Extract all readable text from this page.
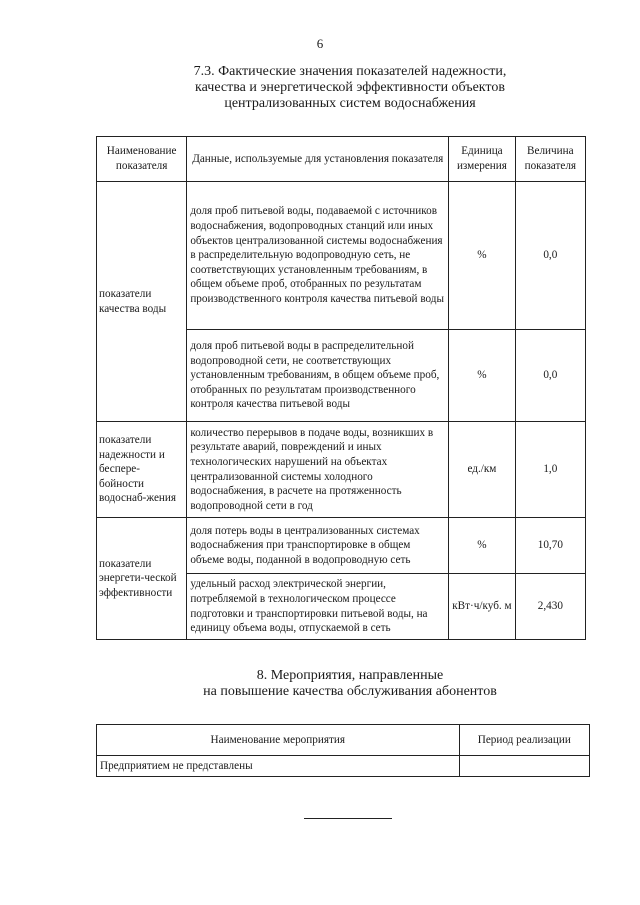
6
7.3. Фактические значения показателей надежности,
качества и энергетической эффективности объектов
централизованных систем водоснабжения
Наименование показателя	Данные, используемые для установления показателя	Единица измерения	Величина показателя
показатели качества воды	доля проб питьевой воды, подаваемой с источников водоснабжения, водопроводных станций или иных объектов централизованной системы водоснабжения в распределительную водопроводную сеть, не соответствующих установленным требованиям, в общем объеме проб, отобранных по результатам производственного контроля качества питьевой воды	%	0,0
	доля проб питьевой воды в распределительной водопроводной сети, не соответствующих установленным требованиям, в общем объеме проб, отобранных по результатам производственного контроля качества питьевой воды	%	0,0
показатели надежности и беспере-бойности водоснаб-жения	количество перерывов в подаче воды, возникших в результате аварий, повреждений и иных технологических нарушений на объектах централизованной системы холодного водоснабжения, в расчете на протяженность водопроводной сети в год	ед./км	1,0
показатели энергети-ческой эффективности	доля потерь воды в централизованных системах водоснабжения при транспортировке в общем объеме воды, поданной в водопроводную сеть	%	10,70
	удельный расход электрической энергии, потребляемой в технологическом процессе подготовки и транспортировки питьевой воды, на единицу объема воды, отпускаемой в сеть	кВт·ч/куб. м	2,430
8. Мероприятия, направленные
на повышение качества обслуживания абонентов
Наименование мероприятия	Период реализации
Предприятием не представлены	
